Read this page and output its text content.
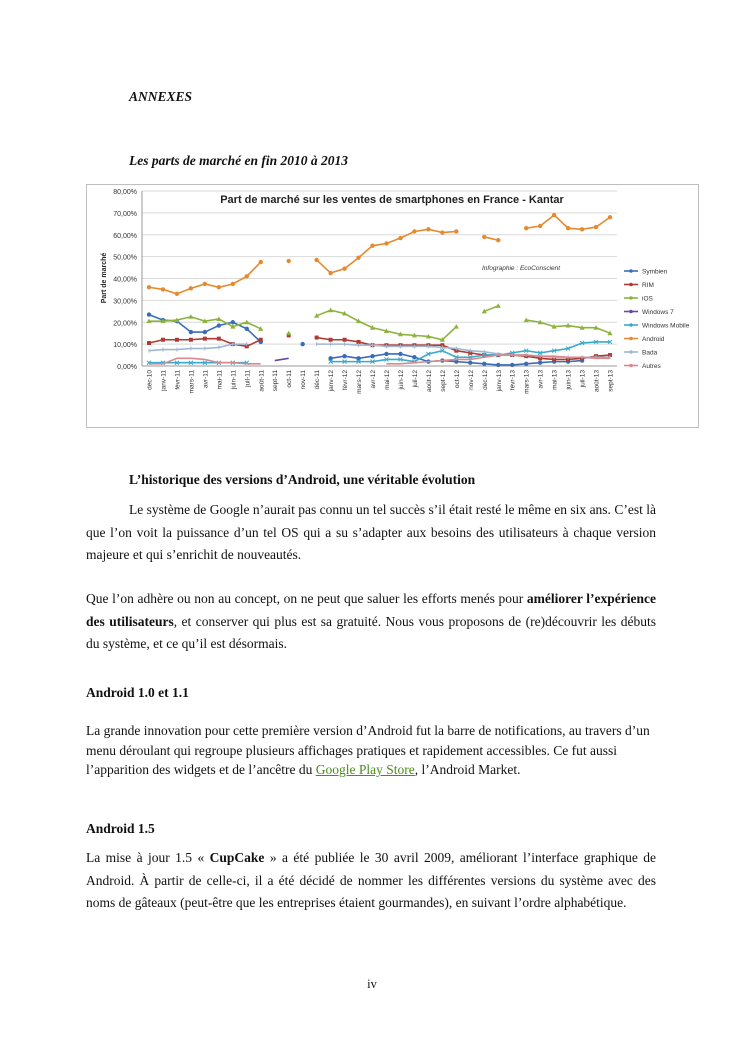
ANNEXES
Les parts de marché en fin 2010 à 2013
0,00%
10,00%
20,00%
30,00%
40,00%
50,00%
60,00%
70,00%
80,00%
déc-10 janv-11 févr-11 mars-11 avr-11 mai-11 juin-11 juil-11 août-11 sept-11 oct-11 nov-11 déc-11 janv-12 févr-12 mars-12 avr-12 mai-12 juin-12 juil-12 août-12 sept-12 oct-12 nov-12 déc-12 janv-13 févr-13 mars-13 avr-13 mai-13 juin-13 juil-13 août-13 sept-13
Part de marché sur les ventes de smartphones en France - Kantar
Part de marché	Infographie : EcoConscient	Symbien
RIM
iOS
Windows 7
Windows Mobile
Android
Bada
Autres
L’historique des versions d’Android, une véritable évolution
Le système de Google n’aurait pas connu un tel succès s’il était resté le même en six ans. C’est là que l’on voit la puissance d’un tel OS qui a su s’adapter aux besoins des utilisateurs à chaque version majeure et qui s’enrichit de nouveautés.
Que l’on adhère ou non au concept, on ne peut que saluer les efforts menés pour améliorer l’expérience des utilisateurs, et conserver qui plus est sa gratuité. Nous vous proposons de (re)découvrir les débuts du système, et ce qu’il est désormais.
Android 1.0 et 1.1
La grande innovation pour cette première version d’Android fut la barre de notifications, au travers d’un menu déroulant qui regroupe plusieurs affichages pratiques et rapidement accessibles. Ce fut aussi l’apparition des widgets et de l’ancêtre du Google Play Store, l’Android Market.
Android 1.5
La mise à jour 1.5 « CupCake » a été publiée le 30 avril 2009, améliorant l’interface graphique de Android. À partir de celle-ci, il a été décidé de nommer les différentes versions du système avec des noms de gâteaux (peut-être que les entreprises étaient gourmandes), en suivant l’ordre alphabétique.
iv
